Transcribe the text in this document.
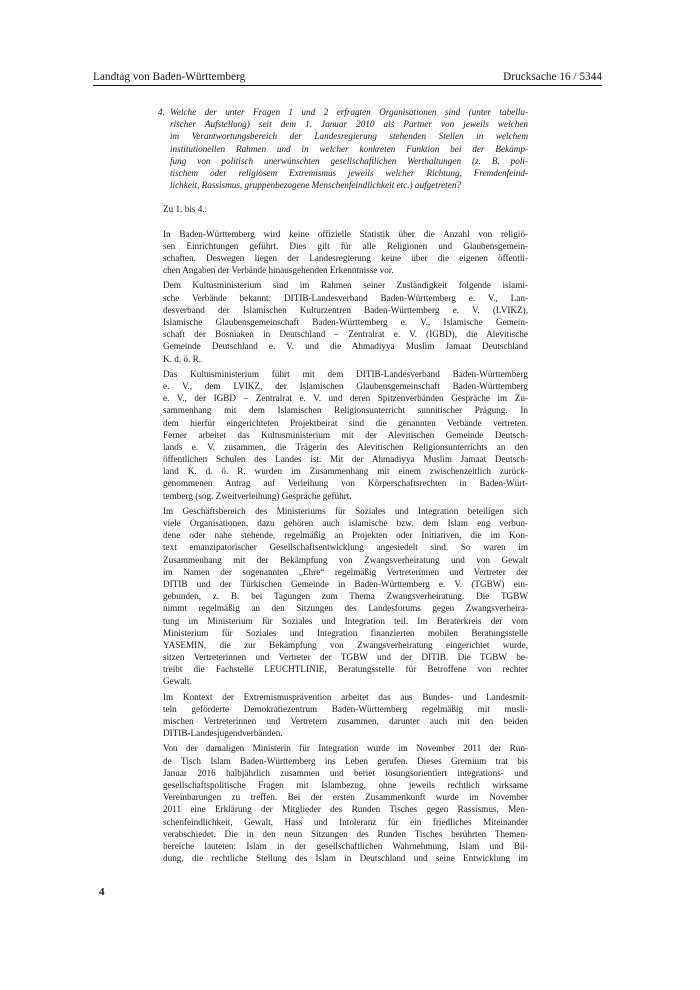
Landtag von Baden-Württemberg	Drucksache 16 / 5344
4. Welche der unter Fragen 1 und 2 erfragten Organisationen sind (unter tabella-
rischer Aufstellung) seit dem 1. Januar 2010 als Partner von jeweils welchen
im Verantwortungsbereich der Landesregierung stehenden Stellen in welchem
institutionellen Rahmen und in welcher konkreten Funktion bei der Bekämp-
fung von politisch unerwünschten gesellschaftlichen Werthaltungen (z. B. poli-
tischem oder religiösem Extremismus jeweils welcher Richtung, Fremdenfeind-
lichkeit, Rassismus, gruppenbezogene Menschenfeindlichkeit etc.) aufgetreten?
Zu 1. bis 4.:
In Baden-Württemberg wird keine offizielle Statistik über die Anzahl von religiö-
sen Einrichtungen geführt. Dies gilt für alle Religionen und Glaubensgemein-
schaften. Deswegen liegen der Landesregierung keine über die eigenen öffentli-
chen Angaben der Verbände hinausgehenden Erkenntnisse vor.
Dem Kultusministerium sind im Rahmen seiner Zuständigkeit folgende islami-
sche Verbände bekannt: DITIB-Landesverband Baden-Württemberg e. V., Lan-
desverband der Islamischen Kulturzentren Baden-Württemberg e. V. (LVIKZ),
Islamische Glaubensgemeinschaft Baden-Württemberg e. V., Islamische Gemein-
schaft der Bosniaken in Deutschland – Zentralrat e. V. (IGBD), die Alevitische
Gemeinde Deutschland e. V. und die Ahmadiyya Muslim Jamaat Deutschland
K. d. ö. R.
Das Kultusministerium führt mit dem DITIB-Landesverband Baden-Württemberg
e. V., dem LVIKZ, der Islamischen Glaubensgemeinschaft Baden-Württemberg
e. V., der IGBD – Zentralrat e. V. und deren Spitzenverbänden Gespräche im Zu-
sammenhang mit dem Islamischen Religionsunterricht sunnitischer Prägung. In
dem hierfür eingerichteten Projektbeirat sind die genannten Verbände vertreten.
Ferner arbeitet das Kultusministerium mit der Alevitischen Gemeinde Deutsch-
lands e. V. zusammen, die Trägerin des Alevitischen Religionsunterrichts an den
öffentlichen Schulen des Landes ist. Mit der Ahmadiyya Muslim Jamaat Deutsch-
land K. d. ö. R. wurden im Zusammenhang mit einem zwischenzeitlich zurück-
genommenen Antrag auf Verleihung von Körperschaftsrechten in Baden-Würt-
temberg (sog. Zweitverleihung) Gespräche geführt.
Im Geschäftsbereich des Ministeriums für Soziales und Integration beteiligen sich
viele Organisationen, dazu gehören auch islamische bzw. dem Islam eng verbun-
dene oder nahe stehende, regelmäßig an Projekten oder Initiativen, die im Kon-
text emanzipatorischer Gesellschaftsentwicklung angesiedelt sind. So waren im
Zusammenhang mit der Bekämpfung von Zwangsverheiratung und von Gewalt
im Namen der sogenannten „Ehre“ regelmäßig Vertreterinnen und Vertreter der
DITIB und der Türkischen Gemeinde in Baden-Württemberg e. V. (TGBW) ein-
gebunden, z. B. bei Tagungen zum Thema Zwangsverheiratung. Die TGBW
nimmt regelmäßig an den Sitzungen des Landesforums gegen Zwangsverheira-
tung im Ministerium für Soziales und Integration teil. Im Beraterkreis der vom
Ministerium für Soziales und Integration finanzierten mobilen Beratungsstelle
YASEMIN, die zur Bekämpfung von Zwangsverheiratung eingerichtet wurde,
sitzen Vertreterinnen und Vertreter der TGBW und der DITIB. Die TGBW be-
treibt die Fachstelle LEUCHTLINIE, Beratungsstelle für Betroffene von rechter
Gewalt.
Im Kontext der Extremismusprävention arbeitet das aus Bundes- und Landesmit-
teln geförderte Demokratiezentrum Baden-Württemberg regelmäßig mit musli-
mischen Vertreterinnen und Vertretern zusammen, darunter auch mit den beiden
DITIB-Landesjugendverbänden.
Von der damaligen Ministerin für Integration wurde im November 2011 der Run-
de Tisch Islam Baden-Württemberg ins Leben gerufen. Dieses Gremium trat bis
Januar 2016 halbjährlich zusammen und beriet lösungsorientiert integrations- und
gesellschaftspolitische Fragen mit Islambezug, ohne jeweils rechtlich wirksame
Vereinbarungen zu treffen. Bei der ersten Zusammenkunft wurde im November
2011 eine Erklärung der Mitglieder des Runden Tisches gegen Rassismus, Men-
schenfeindlichkeit, Gewalt, Hass und Intoleranz für ein friedliches Miteinander
verabschiedet. Die in den neun Sitzungen des Runden Tisches berührten Themen-
bereiche lauteten: Islam in der gesellschaftlichen Wahrnehmung, Islam und Bil-
dung, die rechtliche Stellung des Islam in Deutschland und seine Entwicklung im
4
